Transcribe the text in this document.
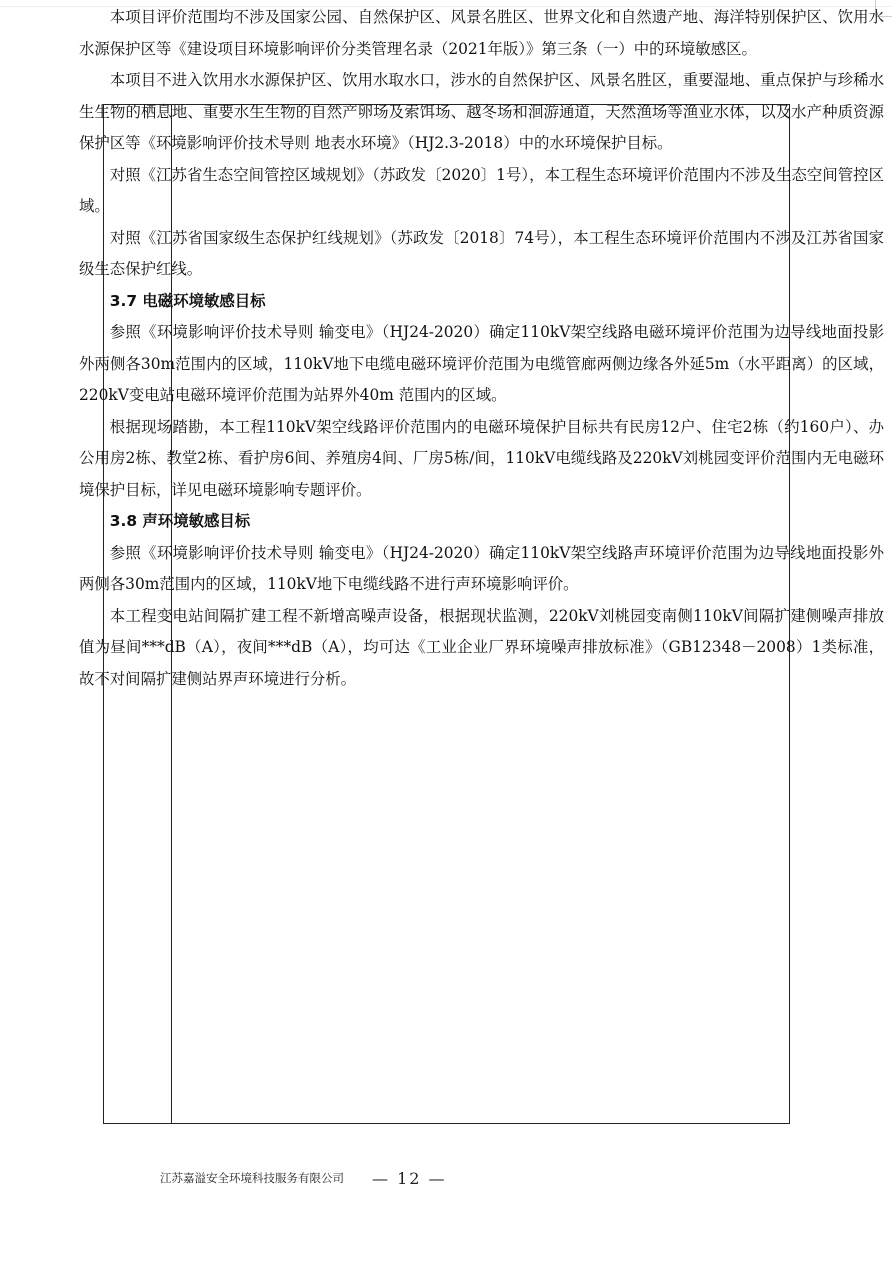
本项目评价范围均不涉及国家公园、自然保护区、风景名胜区、世界文化和自然遗产地、海洋特别保护区、饮用水水源保护区等《建设项目环境影响评价分类管理名录（2021年版）》第三条（一）中的环境敏感区。

本项目不进入饮用水水源保护区、饮用水取水口，涉水的自然保护区、风景名胜区，重要湿地、重点保护与珍稀水生生物的栖息地、重要水生生物的自然产卵场及索饵场、越冬场和洄游通道，天然渔场等渔业水体，以及水产种质资源保护区等《环境影响评价技术导则 地表水环境》（HJ2.3-2018）中的水环境保护目标。

对照《江苏省生态空间管控区域规划》（苏政发〔2020〕1号），本工程生态环境评价范围内不涉及生态空间管控区域。

对照《江苏省国家级生态保护红线规划》（苏政发〔2018〕74号），本工程生态环境评价范围内不涉及江苏省国家级生态保护红线。

3.7 电磁环境敏感目标

参照《环境影响评价技术导则 输变电》（HJ24-2020）确定110kV架空线路电磁环境评价范围为边导线地面投影外两侧各30m范围内的区域，110kV地下电缆电磁环境评价范围为电缆管廊两侧边缘各外延5m（水平距离）的区域，220kV变电站电磁环境评价范围为站界外40m 范围内的区域。

根据现场踏勘，本工程110kV架空线路评价范围内的电磁环境保护目标共有民房12户、住宅2栋（约160户）、办公用房2栋、教堂2栋、看护房6间、养殖房4间、厂房5栋/间，110kV电缆线路及220kV刘桃园变评价范围内无电磁环境保护目标，详见电磁环境影响专题评价。

3.8 声环境敏感目标

参照《环境影响评价技术导则 输变电》（HJ24-2020）确定110kV架空线路声环境评价范围为边导线地面投影外两侧各30m范围内的区域，110kV地下电缆线路不进行声环境影响评价。

本工程变电站间隔扩建工程不新增高噪声设备，根据现状监测，220kV刘桃园变南侧110kV间隔扩建侧噪声排放值为昼间***dB（A），夜间***dB（A），均可达《工业企业厂界环境噪声排放标准》（GB12348－2008）1类标准，故不对间隔扩建侧站界声环境进行分析。

江苏嘉溢安全环境科技服务有限公司 — 12 —
